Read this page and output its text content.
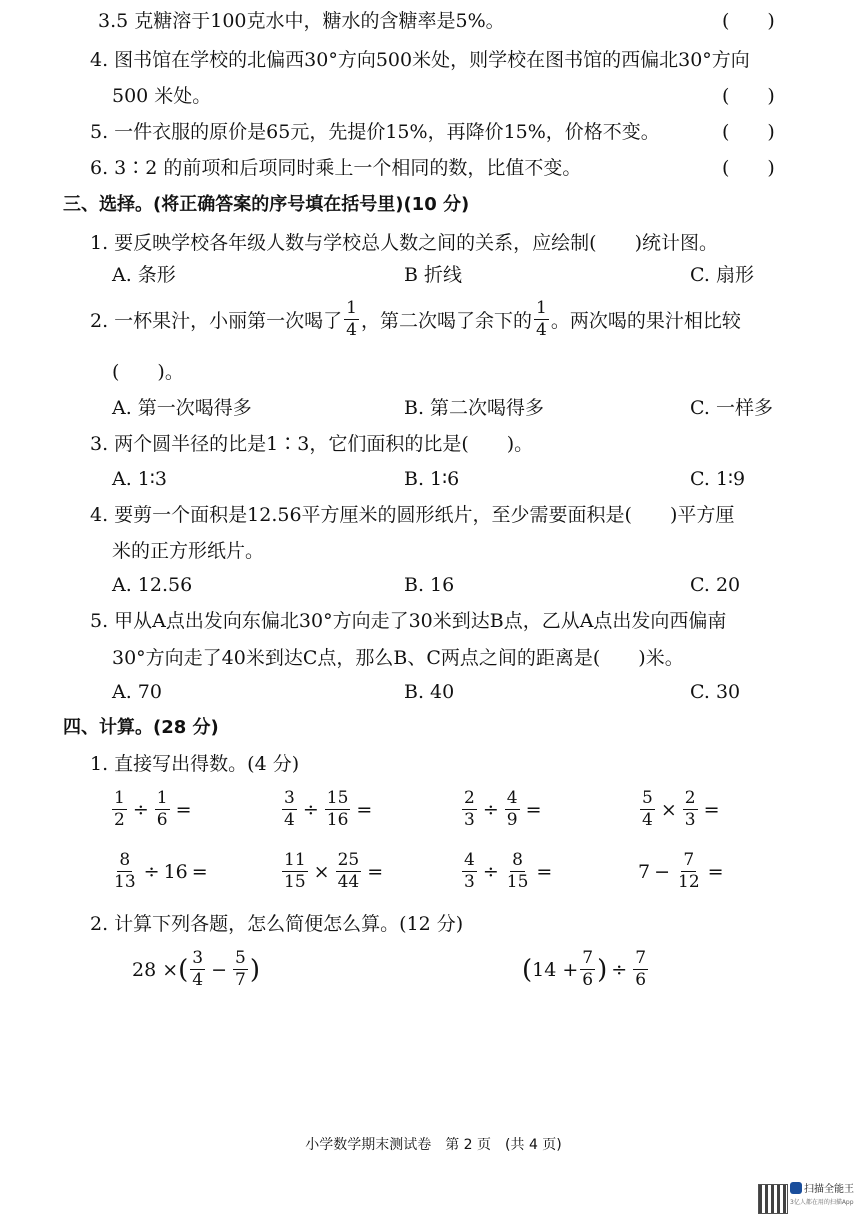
3.5 克糖溶于100克水中，糖水的含糖率是5%。	(　　)
4. 图书馆在学校的北偏西30°方向500米处，则学校在图书馆的西偏北30°方向
500 米处。	(　　)
5. 一件衣服的原价是65元，先提价15%，再降价15%，价格不变。	(　　)
6. 3∶2 的前项和后项同时乘上一个相同的数，比值不变。	(　　)
三、选择。(将正确答案的序号填在括号里)(10 分)
1. 要反映学校各年级人数与学校总人数之间的关系，应绘制(　　)统计图。
A. 条形	B 折线	C. 扇形
2. 一杯果汁，小丽第一次喝了 $\frac{1}{4}$ ，第二次喝了余下的 $\frac{1}{4}$ 。两次喝的果汁相比较
(　　)。
A. 第一次喝得多	B. 第二次喝得多	C. 一样多
3. 两个圆半径的比是1∶3，它们面积的比是(　　)。
A. 1∶3	B. 1∶6	C. 1∶9
4. 要剪一个面积是12.56平方厘米的圆形纸片，至少需要面积是(　　)平方厘
米的正方形纸片。
A. 12.56	B. 16	C. 20
5. 甲从A点出发向东偏北30°方向走了30米到达B点，乙从A点出发向西偏南
30°方向走了40米到达C点，那么B、C两点之间的距离是(　　)米。
A. 70	B. 40	C. 30
四、计算。(28 分)
1. 直接写出得数。(4 分)
$\frac{1}{2} \div \frac{1}{6}$ =	$\frac{3}{4} \div \frac{15}{16}$ =	$\frac{2}{3} \div \frac{4}{9}$ =	$\frac{5}{4} \times \frac{2}{3}$ =
$\frac{8}{13} \div 16$ =	$\frac{11}{15} \times \frac{25}{44}$ =	$\frac{4}{3} \div \frac{8}{15}$ =	$7 - \frac{7}{12}$ =
2. 计算下列各题，怎么简便怎么算。(12 分)
28 × ( $\frac{3}{4} - \frac{5}{7}$ )	( $14 + \frac{7}{6}$ ) ÷ $\frac{7}{6}$
小学数学期末测试卷　第 2 页　(共 4 页)
扫描全能王
3亿人都在用的扫描App
